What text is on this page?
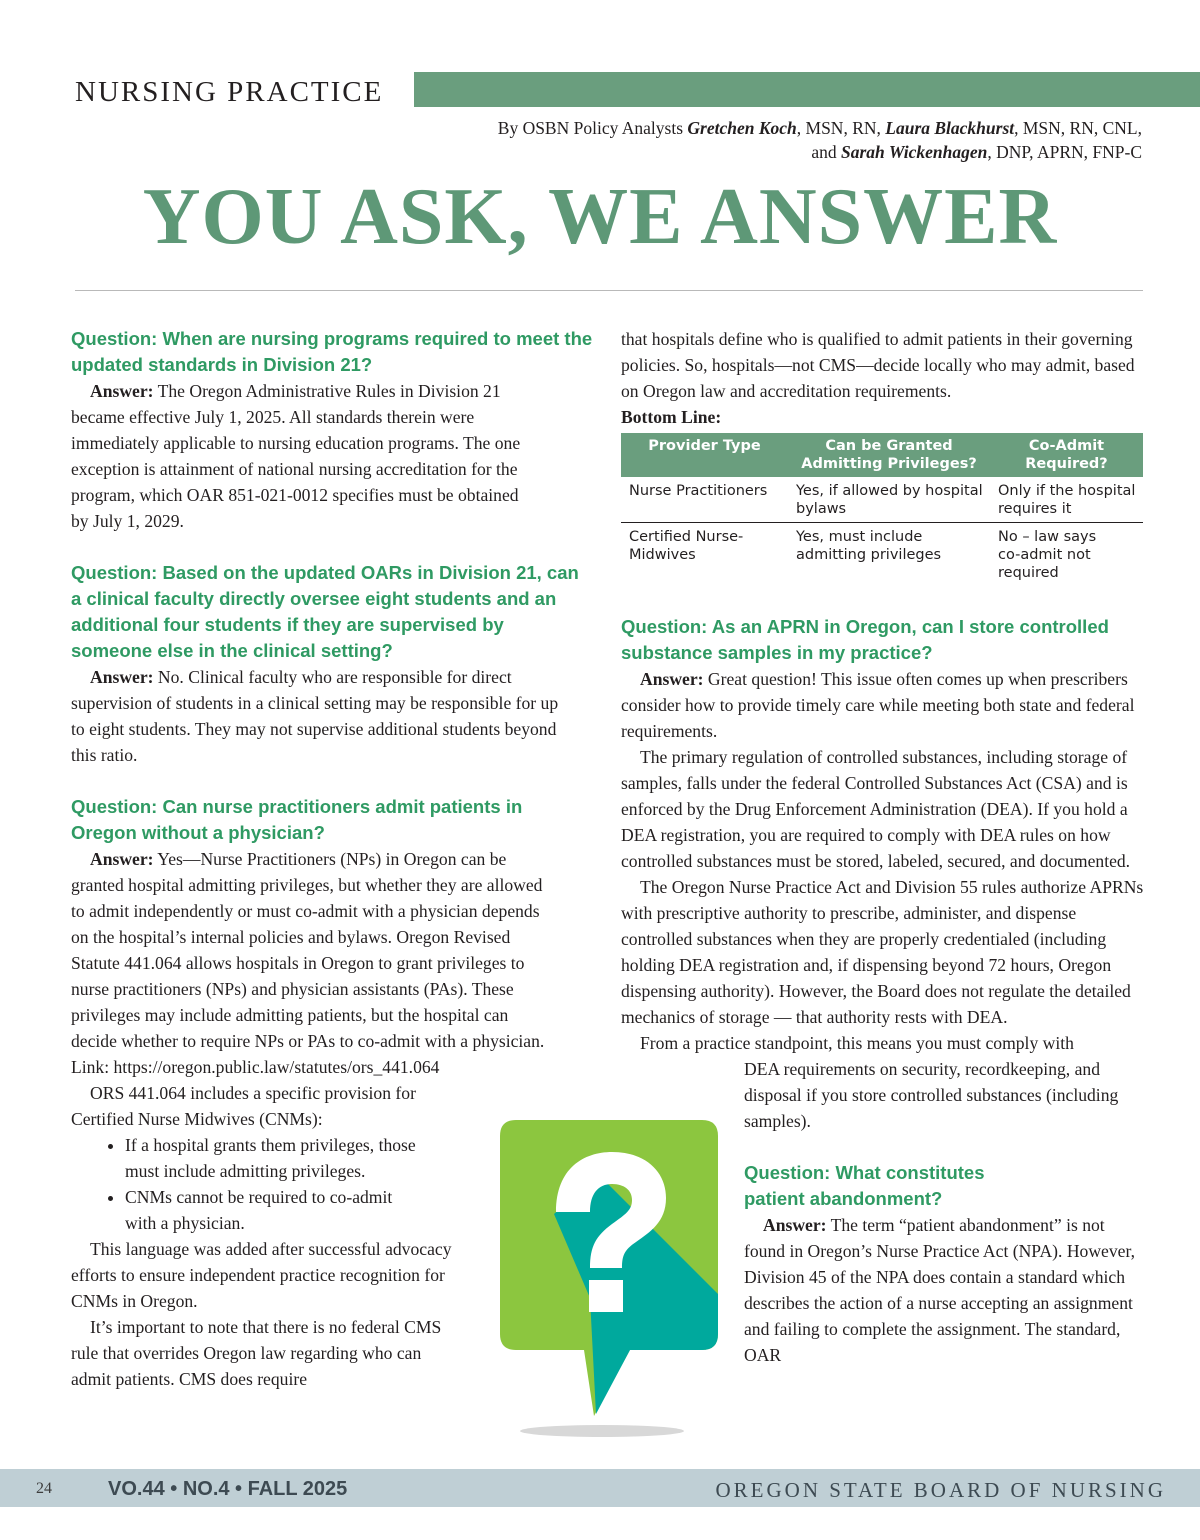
NURSING PRACTICE
By OSBN Policy Analysts Gretchen Koch, MSN, RN, Laura Blackhurst, MSN, RN, CNL,
and Sarah Wickenhagen, DNP, APRN, FNP-C
YOU ASK, WE ANSWER

Question: When are nursing programs required to meet the updated standards in Division 21?

Answer: The Oregon Administrative Rules in Division 21 became effective July 1, 2025. All standards therein were immediately applicable to nursing education programs. The one exception is attainment of national nursing accreditation for the program, which OAR 851-021-0012 specifies must be obtained by July 1, 2029.

Question: Based on the updated OARs in Division 21, can a clinical faculty directly oversee eight students and an additional four students if they are supervised by someone else in the clinical setting?

Answer: No. Clinical faculty who are responsible for direct supervision of students in a clinical setting may be responsible for up to eight students. They may not supervise additional students beyond this ratio.

Question: Can nurse practitioners admit patients in Oregon without a physician?

Answer: Yes—Nurse Practitioners (NPs) in Oregon can be granted hospital admitting privileges, but whether they are allowed to admit independently or must co-admit with a physician depends on the hospital’s internal policies and bylaws. Oregon Revised Statute 441.064 allows hospitals in Oregon to grant privileges to nurse practitioners (NPs) and physician assistants (PAs). These privileges may include admitting patients, but the hospital can decide whether to require NPs or PAs to co-admit with a physician.

Link: https://oregon.public.law/statutes/ors_441.064

ORS 441.064 includes a specific provision for Certified Nurse Midwives (CNMs):

• If a hospital grants them privileges, those must include admitting privileges.
• CNMs cannot be required to co-admit with a physician.

This language was added after successful advocacy efforts to ensure independent practice recognition for CNMs in Oregon.

It’s important to note that there is no federal CMS rule that overrides Oregon law regarding who can admit patients. CMS does require

that hospitals define who is qualified to admit patients in their governing policies. So, hospitals—not CMS—decide locally who may admit, based on Oregon law and accreditation requirements.

Bottom Line:

Provider Type	Can be Granted Admitting Privileges?	Co-Admit Required?
Nurse Practitioners	Yes, if allowed by hospital bylaws	Only if the hospital requires it
Certified Nurse-Midwives	Yes, must include admitting privileges	No – law says co-admit not required

Question: As an APRN in Oregon, can I store controlled substance samples in my practice?

Answer: Great question! This issue often comes up when prescribers consider how to provide timely care while meeting both state and federal requirements.

The primary regulation of controlled substances, including storage of samples, falls under the federal Controlled Substances Act (CSA) and is enforced by the Drug Enforcement Administration (DEA). If you hold a DEA registration, you are required to comply with DEA rules on how controlled substances must be stored, labeled, secured, and documented.

The Oregon Nurse Practice Act and Division 55 rules authorize APRNs with prescriptive authority to prescribe, administer, and dispense controlled substances when they are properly credentialed (including holding DEA registration and, if dispensing beyond 72 hours, Oregon dispensing authority). However, the Board does not regulate the detailed mechanics of storage — that authority rests with DEA.

From a practice standpoint, this means you must comply with

DEA requirements on security, recordkeeping, and disposal if you store controlled substances (including samples).

Question: What constitutes patient abandonment?

Answer: The term “patient abandonment” is not found in Oregon’s Nurse Practice Act (NPA). However, Division 45 of the NPA does contain a standard which describes the action of a nurse accepting an assignment and failing to complete the assignment. The standard, OAR

24	VO.44 • NO.4 • FALL 2025	OREGON STATE BOARD OF NURSING
